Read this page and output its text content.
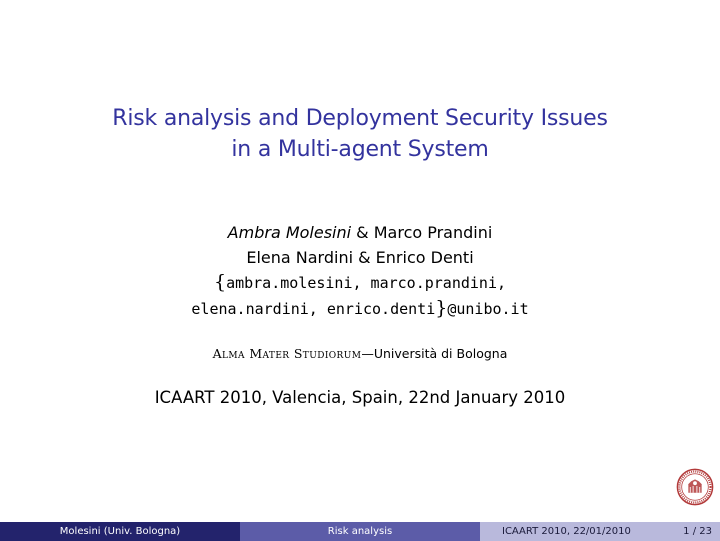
Risk analysis and Deployment Security Issues
in a Multi-agent System
Ambra Molesini & Marco Prandini
Elena Nardini & Enrico Denti
{ambra.molesini, marco.prandini,
elena.nardini, enrico.denti}@unibo.it
Alma Mater Studiorum—Università di Bologna
ICAART 2010, Valencia, Spain, 22nd January 2010
Molesini (Univ. Bologna)	Risk analysis	ICAART 2010, 22/01/2010	1 / 23
